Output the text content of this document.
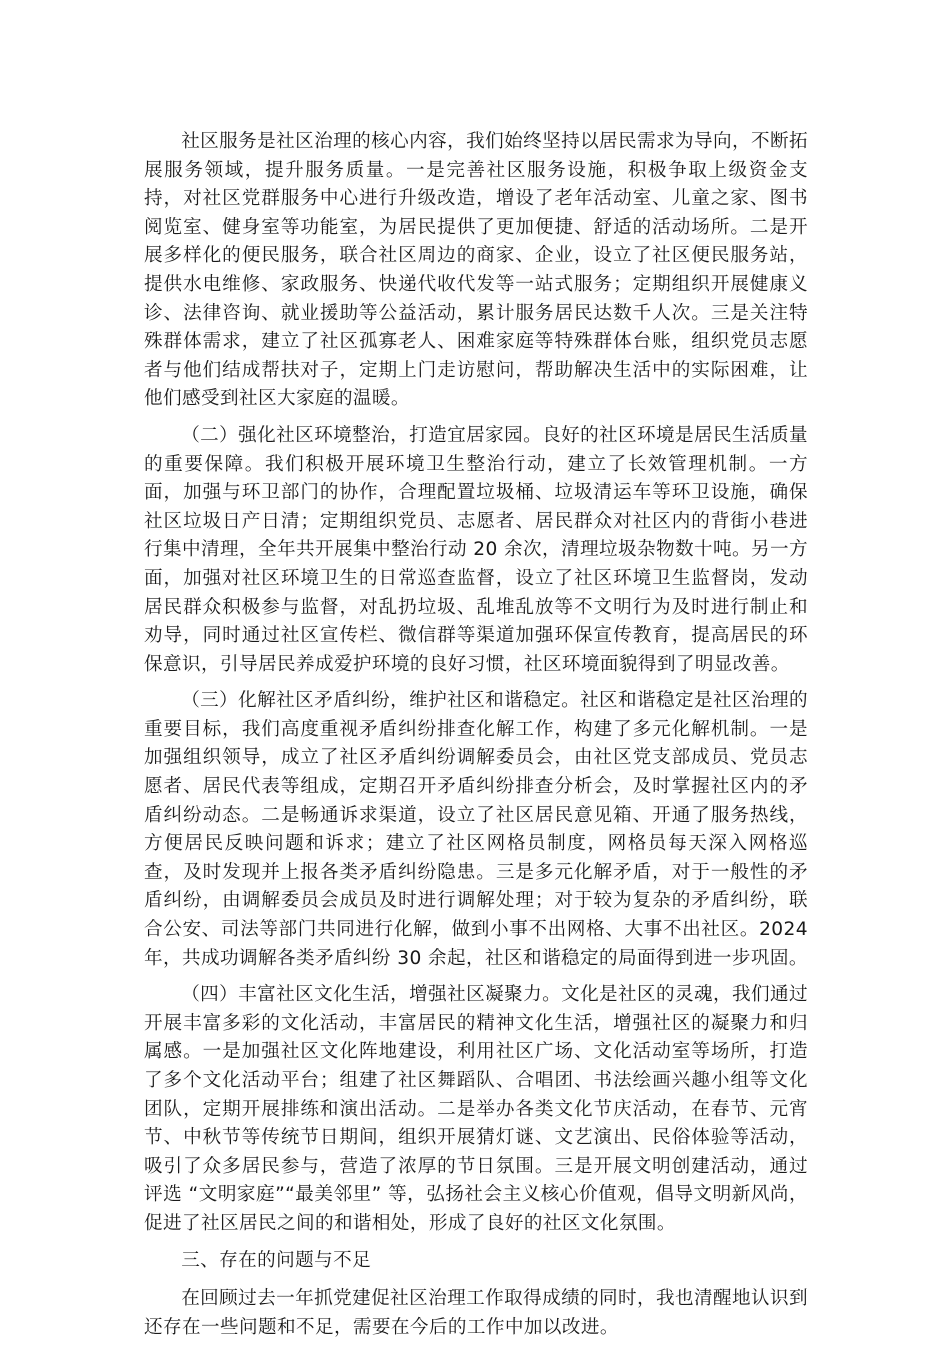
社区服务是社区治理的核心内容，我们始终坚持以居民需求为导向，不断拓展服务领域，提升服务质量。一是完善社区服务设施，积极争取上级资金支持，对社区党群服务中心进行升级改造，增设了老年活动室、儿童之家、图书阅览室、健身室等功能室，为居民提供了更加便捷、舒适的活动场所。二是开展多样化的便民服务，联合社区周边的商家、企业，设立了社区便民服务站，提供水电维修、家政服务、快递代收代发等一站式服务；定期组织开展健康义诊、法律咨询、就业援助等公益活动，累计服务居民达数千人次。三是关注特殊群体需求，建立了社区孤寡老人、困难家庭等特殊群体台账，组织党员志愿者与他们结成帮扶对子，定期上门走访慰问，帮助解决生活中的实际困难，让他们感受到社区大家庭的温暖。

（二）强化社区环境整治，打造宜居家园。良好的社区环境是居民生活质量的重要保障。我们积极开展环境卫生整治行动，建立了长效管理机制。一方面，加强与环卫部门的协作，合理配置垃圾桶、垃圾清运车等环卫设施，确保社区垃圾日产日清；定期组织党员、志愿者、居民群众对社区内的背街小巷进行集中清理，全年共开展集中整治行动 20 余次，清理垃圾杂物数十吨。另一方面，加强对社区环境卫生的日常巡查监督，设立了社区环境卫生监督岗，发动居民群众积极参与监督，对乱扔垃圾、乱堆乱放等不文明行为及时进行制止和劝导，同时通过社区宣传栏、微信群等渠道加强环保宣传教育，提高居民的环保意识，引导居民养成爱护环境的良好习惯，社区环境面貌得到了明显改善。

（三）化解社区矛盾纠纷，维护社区和谐稳定。社区和谐稳定是社区治理的重要目标，我们高度重视矛盾纠纷排查化解工作，构建了多元化解机制。一是加强组织领导，成立了社区矛盾纠纷调解委员会，由社区党支部成员、党员志愿者、居民代表等组成，定期召开矛盾纠纷排查分析会，及时掌握社区内的矛盾纠纷动态。二是畅通诉求渠道，设立了社区居民意见箱、开通了服务热线，方便居民反映问题和诉求；建立了社区网格员制度，网格员每天深入网格巡查，及时发现并上报各类矛盾纠纷隐患。三是多元化解矛盾，对于一般性的矛盾纠纷，由调解委员会成员及时进行调解处理；对于较为复杂的矛盾纠纷，联合公安、司法等部门共同进行化解，做到小事不出网格、大事不出社区。2024 年，共成功调解各类矛盾纠纷 30 余起，社区和谐稳定的局面得到进一步巩固。

（四）丰富社区文化生活，增强社区凝聚力。文化是社区的灵魂，我们通过开展丰富多彩的文化活动，丰富居民的精神文化生活，增强社区的凝聚力和归属感。一是加强社区文化阵地建设，利用社区广场、文化活动室等场所，打造了多个文化活动平台；组建了社区舞蹈队、合唱团、书法绘画兴趣小组等文化团队，定期开展排练和演出活动。二是举办各类文化节庆活动，在春节、元宵节、中秋节等传统节日期间，组织开展猜灯谜、文艺演出、民俗体验等活动，吸引了众多居民参与，营造了浓厚的节日氛围。三是开展文明创建活动，通过评选 “文明家庭”“最美邻里” 等，弘扬社会主义核心价值观，倡导文明新风尚，促进了社区居民之间的和谐相处，形成了良好的社区文化氛围。

三、存在的问题与不足

在回顾过去一年抓党建促社区治理工作取得成绩的同时，我也清醒地认识到还存在一些问题和不足，需要在今后的工作中加以改进。
